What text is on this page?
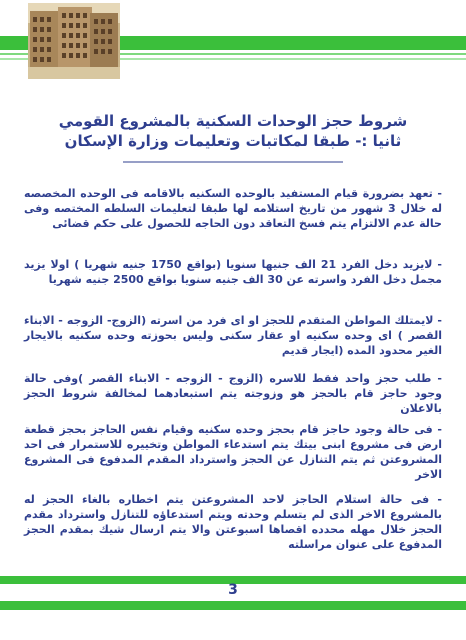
شروط حجز الوحدات السكنية بالمشروع القومي
ثانيا :- طبقا لمكاتبات وتعليمات وزارة الإسكان
________________________________________
- تعهد بضرورة قيام المستفيد بالوحده السكنيه بالاقامه فى الوحده المخصصه له خلال 3 شهور من تاريخ استلامه لها طبقا لتعليمات السلطه المختصه وفى حالة عدم الالتزام يتم فسخ التعاقد دون الحاجه للحصول على حكم قضائى
- لايزيد دخل الفرد 21 الف جنيها سنويا (بواقع 1750 جنيه شهريا ) اولا يزيد مجمل دخل الفرد واسرته عن 30 الف جنيه سنويا بواقع 2500 جنيه شهريا
- لايمتلك المواطن المتقدم للحجز او اى فرد من اسرته (الزوج- الزوجه - الابناء القصر ) اى وحده سكنيه او عقار سكنى وليس بحوزته وحده سكنيه بالايجار الغير محدود المده (ايجار قديم
- طلب حجز واحد فقط للاسره (الزوج - الزوجه - الابناء القصر )وفى حالة وجود حاجز قام بالحجز هو وزوجته يتم استبعادهما لمخالفة شروط الحجز بالاعلان
- فى حالة وجود حاجز قام بحجز وحده سكنيه وقيام نفس الحاجز بحجز قطعة ارض فى مشروع ابنى بيتك يتم استدعاء المواطن وتخييره للاستمرار فى احد المشروعتن ثم يتم التنازل عن الحجز واسترداد المقدم المدفوع فى المشروع الاخر
- فى حالة استلام الحاجز لاحد المشروعتن يتم اخطاره بالغاء الحجز له بالمشروع الاخر الذى لم يتسلم وحدته ويتم استدعاؤه للتنازل واسترداد مقدم الحجز خلال مهله محدده اقصاها اسبوعتن والا يتم ارسال شيك بمقدم الحجز المدفوع على عنوان مراسلته
3
